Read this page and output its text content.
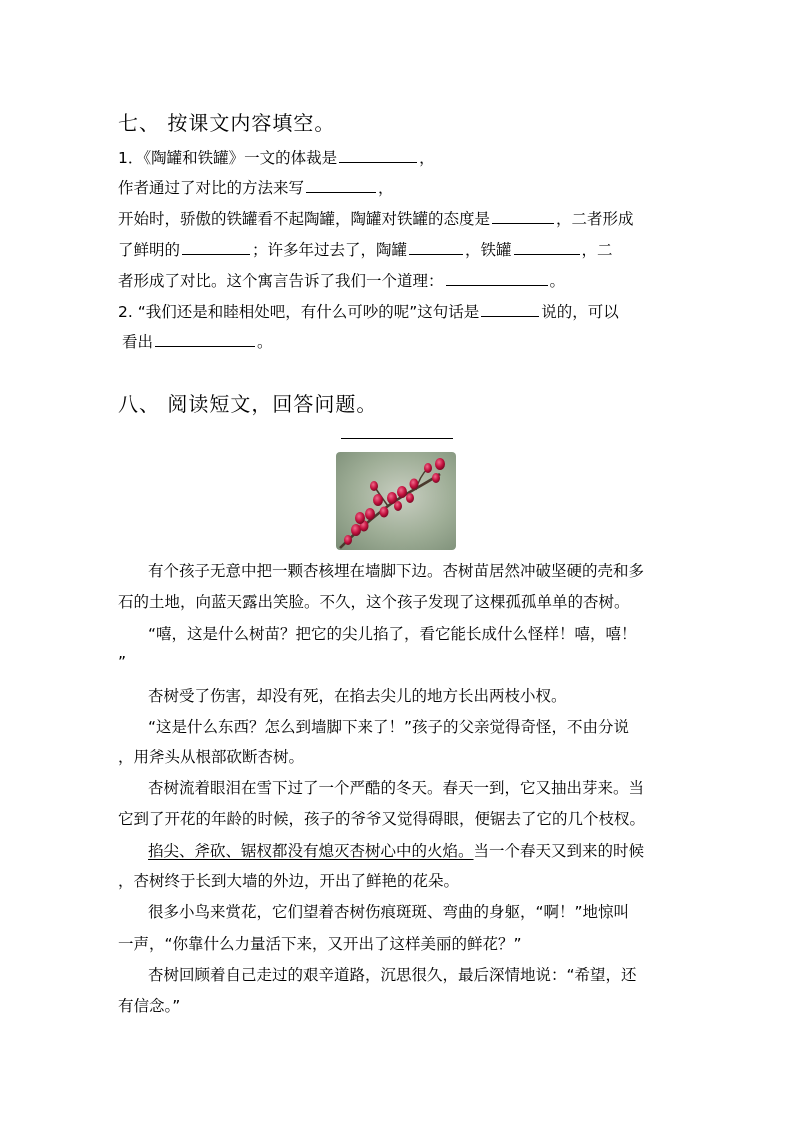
七、 按课文内容填空。
1．《陶罐和铁罐》一文的体裁是	，
作者通过了对比的方法来写	，
开始时，骄傲的铁罐看不起陶罐，陶罐对铁罐的态度是	，二者形成
了鲜明的	；许多年过去了，陶罐	，铁罐	，二
者形成了对比。这个寓言告诉了我们一个道理：	。
2. “我们还是和睦相处吧，有什么可吵的呢”这句话是	说的，可以
看出	。
八、 阅读短文，回答问题。
有个孩子无意中把一颗杏核埋在墙脚下边。杏树苗居然冲破坚硬的壳和多
石的土地，向蓝天露出笑脸。不久，这个孩子发现了这棵孤孤单单的杏树。
“嘻，这是什么树苗？把它的尖儿掐了，看它能长成什么怪样！嘻，嘻！
”
杏树受了伤害，却没有死，在掐去尖儿的地方长出两枝小杈。
“这是什么东西？怎么到墙脚下来了！”孩子的父亲觉得奇怪，不由分说
，用斧头从根部砍断杏树。
杏树流着眼泪在雪下过了一个严酷的冬天。春天一到，它又抽出芽来。当
它到了开花的年龄的时候，孩子的爷爷又觉得碍眼，便锯去了它的几个枝杈。
掐尖、斧砍、锯杈都没有熄灭杏树心中的火焰。当一个春天又到来的时候
，杏树终于长到大墙的外边，开出了鲜艳的花朵。
很多小鸟来赏花，它们望着杏树伤痕斑斑、弯曲的身躯，“啊！”地惊叫
一声，“你靠什么力量活下来，又开出了这样美丽的鲜花？”
杏树回顾着自己走过的艰辛道路，沉思很久，最后深情地说：“希望，还
有信念。”
